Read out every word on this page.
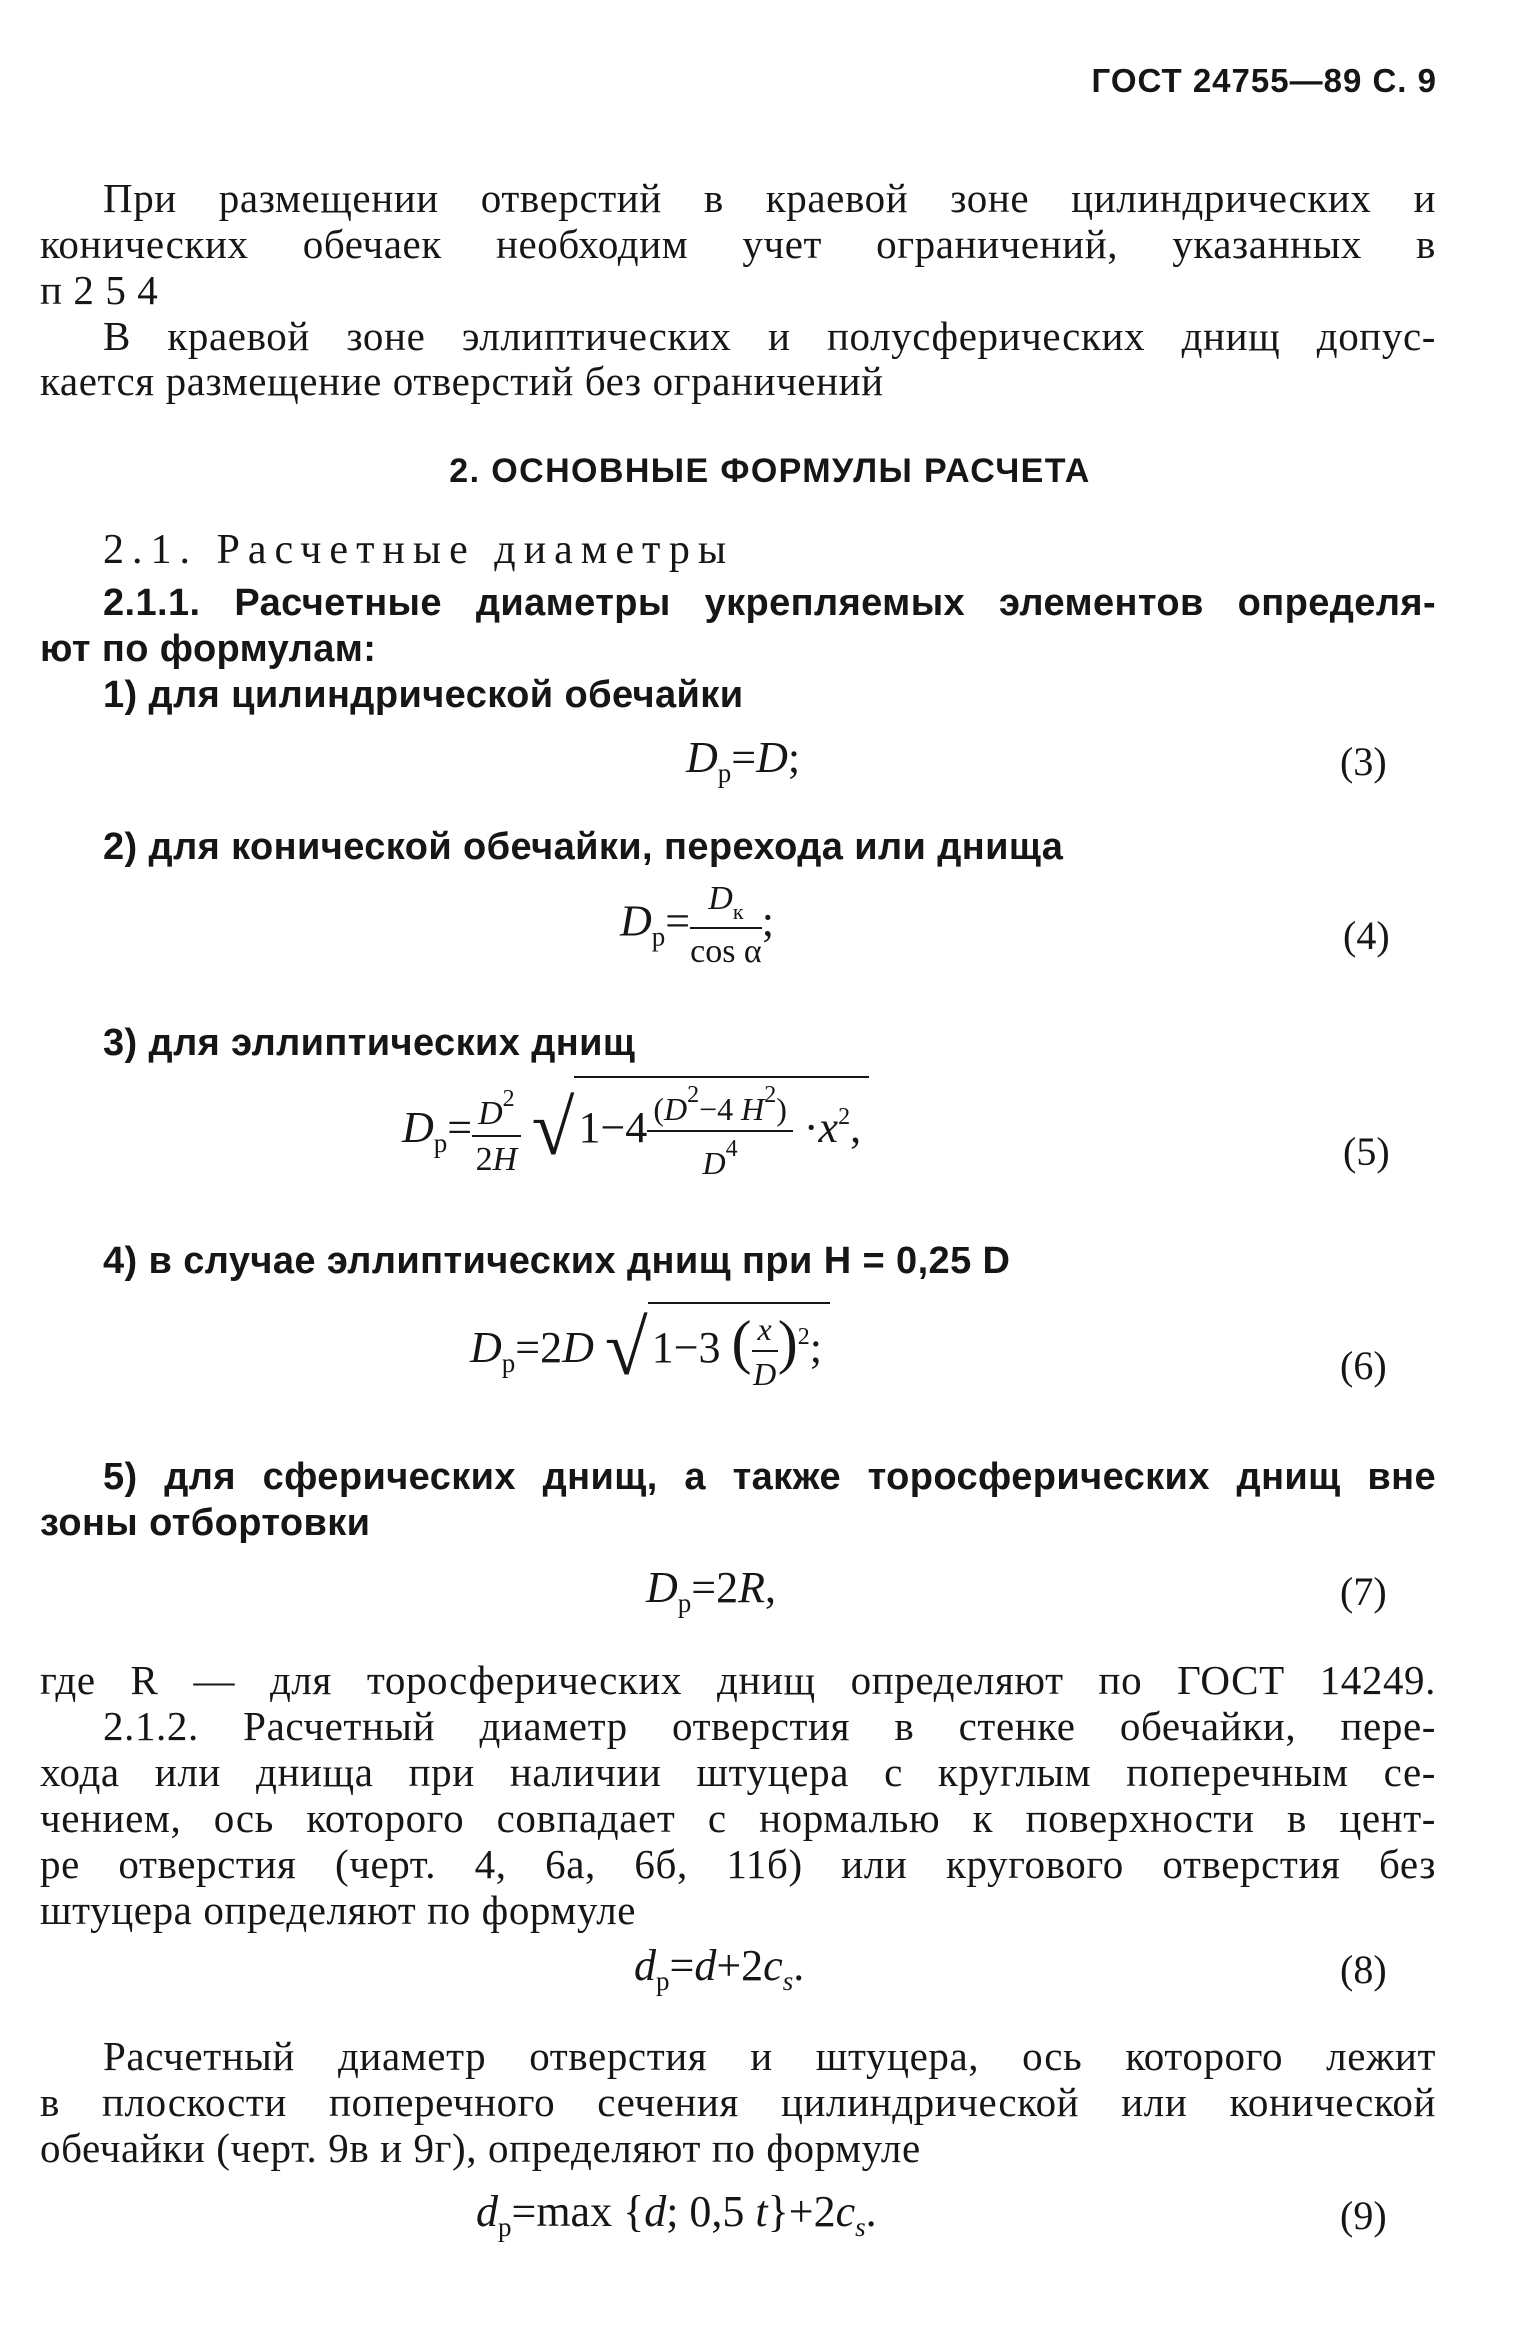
ГОСТ 24755—89 С. 9
При размещении отверстий в краевой зоне цилиндрических и
конических обечаек необходим учет ограничений, указанных в
п 2 5 4
В краевой зоне эллиптических и полусферических днищ допус-
кается размещение отверстий без ограничений
2. ОСНОВНЫЕ ФОРМУЛЫ РАСЧЕТА
2.1. Расчетные диаметры
2.1.1. Расчетные диаметры укрепляемых элементов определя-
ют по формулам:
1) для цилиндрической обечайки
$D_р=D$;	(3)
2) для конической обечайки, перехода или днища
$D_р= \frac{D_к}{\text{cos α}}$ ;	(4)
3) для эллиптических днищ
$D_р= \frac{D^2}{2H} √1-4 \frac{(D^2-4 H^2)}{D^4} \cdot x^2$,	(5)
4) в случае эллиптических днищ при H = 0,25 D
$D_р=2D$ √1−3 ( $\frac{x}{D} )^2$;	(6)
5) для сферических днищ, а также торосферических днищ вне
зоны отбортовки
$D_р=2R$,	(7)
где R — для торосферических днищ определяют по ГОСТ 14249.
2.1.2. Расчетный диаметр отверстия в стенке обечайки, пере-
хода или днища при наличии штуцера с круглым поперечным се-
чением, ось которого совпадает с нормалью к поверхности в цент-
ре отверстия (черт. 4, 6а, 6б, 11б) или кругового отверстия без
штуцера определяют по формуле
$d_р=d+2c_s$.	(8)
Расчетный диаметр отверстия и штуцера, ось которого лежит
в плоскости поперечного сечения цилиндрической или конической
обечайки (черт. 9в и 9г), определяют по формуле
$d_р=\max$ {d; 0,5 $t\}+2c_s$.	(9)
